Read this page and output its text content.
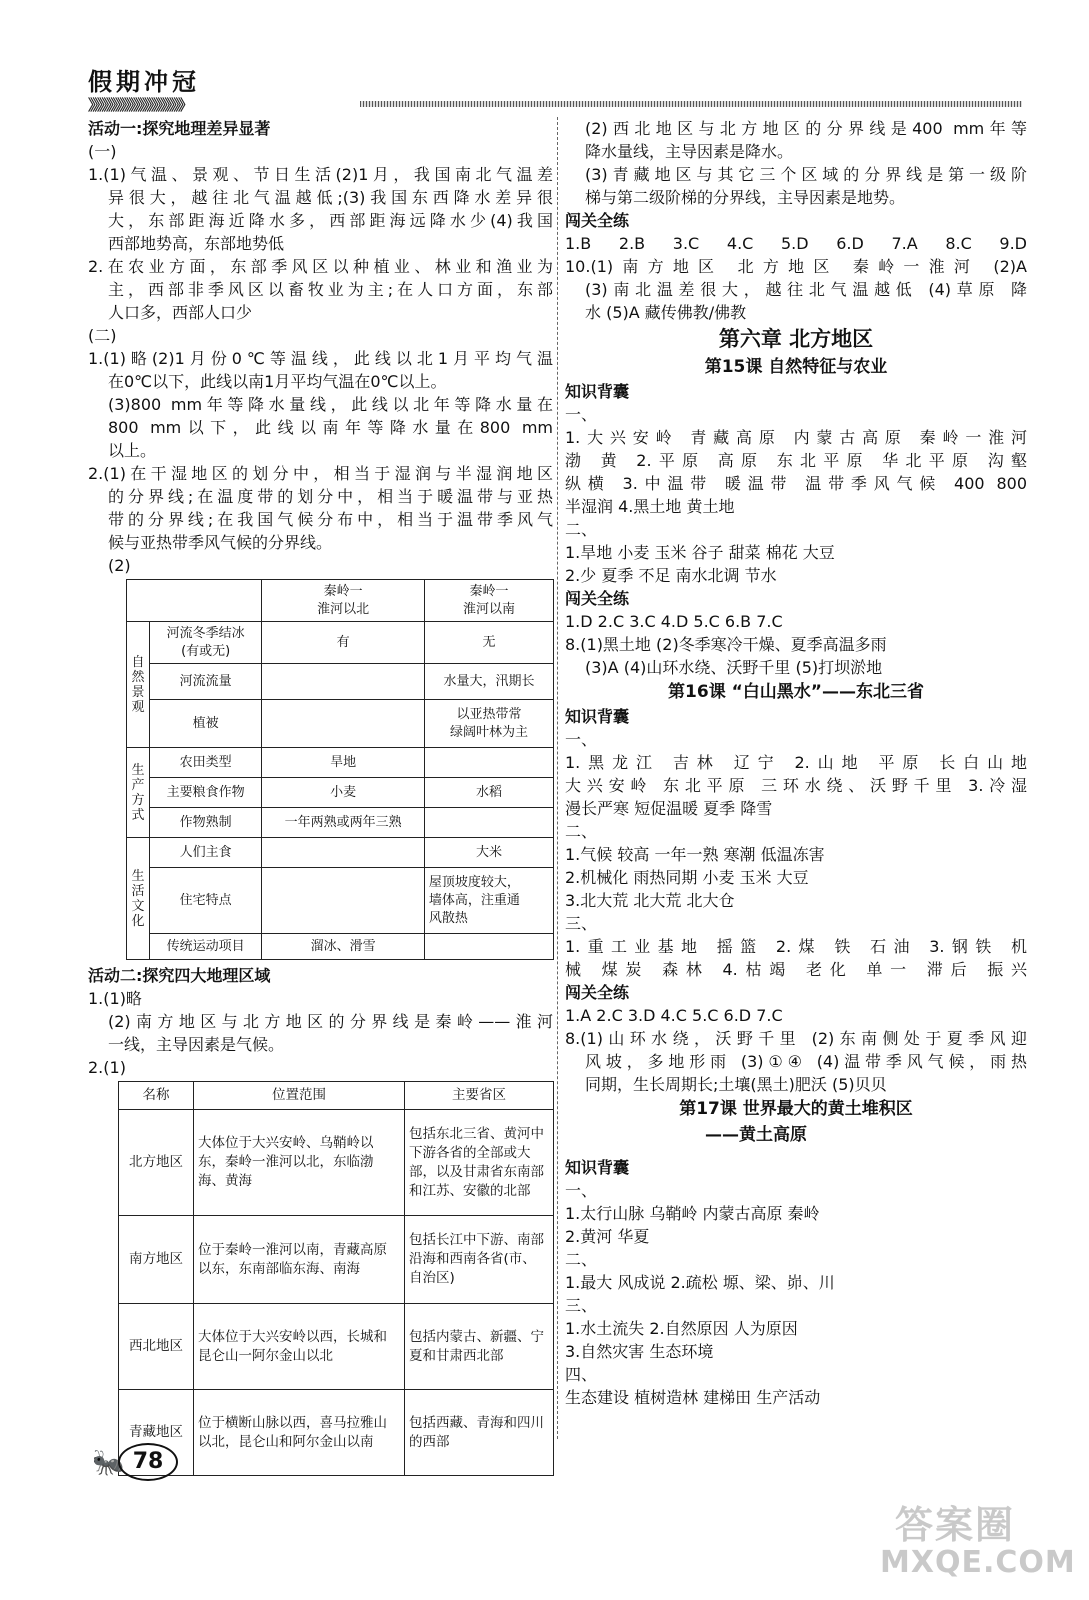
假期冲冠
》》》》》》》》》》》》》》》》》》》》》

活动一:探究地理差异显著

(一)

1.(1)气温、景观、节日生活(2)1月，我国南北气温差

异很大，越往北气温越低;(3)我国东西降水差异很

大，东部距海近降水多，西部距海远降水少(4)我国

西部地势高，东部地势低

2.在农业方面，东部季风区以种植业、林业和渔业为

主，西部非季风区以畜牧业为主;在人口方面，东部

人口多，西部人口少

(二)

1.(1)略(2)1月份0℃等温线，此线以北1月平均气温

在0℃以下，此线以南1月平均气温在0℃以上。

(3)800 mm年等降水量线，此线以北年等降水量在

800 mm以下，此线以南年等降水量在800 mm

以上。

2.(1)在干湿地区的划分中，相当于湿润与半湿润地区

的分界线;在温度带的划分中，相当于暖温带与亚热

带的分界线;在我国气候分布中，相当于温带季风气

候与亚热带季风气候的分界线。

(2)

		秦岭一
淮河以北	秦岭一
淮河以南
自然景观	河流冬季结冰
(有或无)	有	无
	河流流量		水量大，汛期长
	植被		以亚热带常
绿阔叶林为主
生产方式	农田类型	旱地	
	主要粮食作物	小麦	水稻
	作物熟制	一年两熟或两年三熟	
生活文化	人们主食		大米
	住宅特点		屋顶坡度较大，
墙体高，注重通
风散热
	传统运动项目	溜冰、滑雪	

活动二:探究四大地理区域

1.(1)略

(2)南方地区与北方地区的分界线是秦岭——淮河

一线，主导因素是气候。

2.(1)

名称	位置范围	主要省区
北方地区	大体位于大兴安岭、乌鞘岭以东，秦岭一淮河以北，东临渤海、黄海	包括东北三省、黄河中下游各省的全部或大部，以及甘肃省东南部和江苏、安徽的北部
南方地区	位于秦岭一淮河以南，青藏高原以东，东南部临东海、南海	包括长江中下游、南部沿海和西南各省(市、自治区)
西北地区	大体位于大兴安岭以西，长城和昆仑山一阿尔金山以北	包括内蒙古、新疆、宁夏和甘肃西北部
青藏地区	位于横断山脉以西，喜马拉雅山以北，昆仑山和阿尔金山以南	包括西藏、青海和四川的西部

(2)西北地区与北方地区的分界线是400 mm年等

降水量线，主导因素是降水。

(3)青藏地区与其它三个区域的分界线是第一级阶

梯与第二级阶梯的分界线，主导因素是地势。

闯关全练

1.B 2.B 3.C 4.C 5.D 6.D 7.A 8.C 9.D

10.(1)南方地区 北方地区 秦岭一淮河 (2)A

(3)南北温差很大，越往北气温越低 (4)草原 降

水 (5)A 藏传佛教/佛教

第六章 北方地区

第15课 自然特征与农业

知识背囊

一、

1.大兴安岭 青藏高原 内蒙古高原 秦岭一淮河

渤 黄 2.平原 高原 东北平原 华北平原 沟壑

纵横 3.中温带 暖温带 温带季风气候 400 800

半湿润 4.黑土地 黄土地

二、

1.旱地 小麦 玉米 谷子 甜菜 棉花 大豆

2.少 夏季 不足 南水北调 节水

闯关全练

1.D 2.C 3.C 4.D 5.C 6.B 7.C

8.(1)黑土地 (2)冬季寒冷干燥、夏季高温多雨

(3)A (4)山环水绕、沃野千里 (5)打坝淤地

第16课 “白山黑水”——东北三省

知识背囊

一、

1.黑龙江 吉林 辽宁 2.山地 平原 长白山地

大兴安岭 东北平原 三环水绕、沃野千里 3.冷湿

漫长严寒 短促温暖 夏季 降雪

二、

1.气候 较高 一年一熟 寒潮 低温冻害

2.机械化 雨热同期 小麦 玉米 大豆

3.北大荒 北大荒 北大仓

三、

1.重工业基地 摇篮 2.煤 铁 石油 3.钢铁 机

械 煤炭 森林 4.枯竭 老化 单一 滞后 振兴

闯关全练

1.A 2.C 3.D 4.C 5.C 6.D 7.C

8.(1)山环水绕，沃野千里 (2)东南侧处于夏季风迎

风坡，多地形雨 (3)①④ (4)温带季风气候，雨热

同期，生长周期长;土壤(黑土)肥沃 (5)贝贝

第17课 世界最大的黄土堆积区

——黄土高原

知识背囊

一、

1.太行山脉 乌鞘岭 内蒙古高原 秦岭

2.黄河 华夏

二、

1.最大 风成说 2.疏松 塬、梁、峁、川

三、

1.水土流失 2.自然原因 人为原因

3.自然灾害 生态环境

四、

生态建设 植树造林 建梯田 生产活动

🐜 78
答案圈
MXQE.COM
